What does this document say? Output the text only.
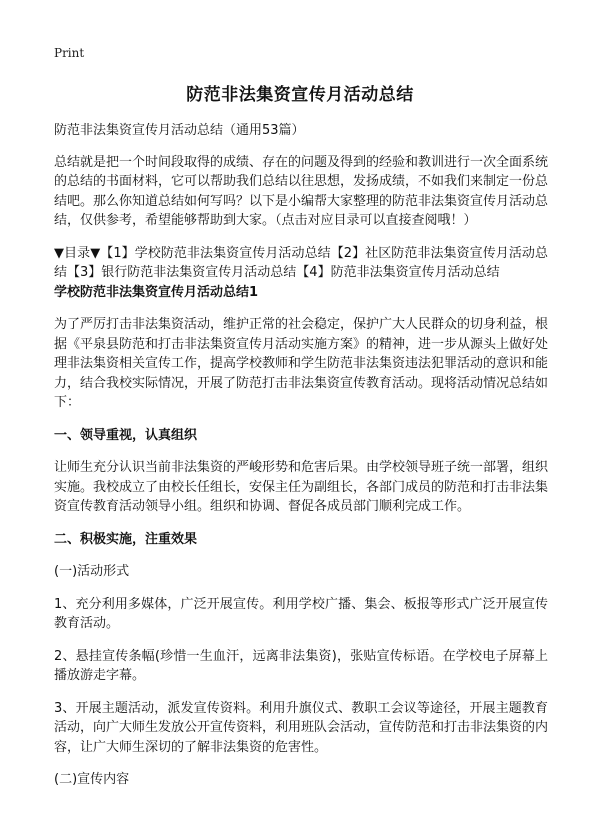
Print
防范非法集资宣传月活动总结

防范非法集资宣传月活动总结（通用53篇）

总结就是把一个时间段取得的成绩、存在的问题及得到的经验和教训进行一次全面系统的总结的书面材料，它可以帮助我们总结以往思想，发扬成绩，不如我们来制定一份总结吧。那么你知道总结如何写吗？以下是小编帮大家整理的防范非法集资宣传月活动总结，仅供参考，希望能够帮助到大家。（点击对应目录可以直接查阅哦！）

▼目录▼【1】学校防范非法集资宣传月活动总结【2】社区防范非法集资宣传月活动总结【3】银行防范非法集资宣传月活动总结【4】防范非法集资宣传月活动总结

学校防范非法集资宣传月活动总结1

为了严厉打击非法集资活动，维护正常的社会稳定，保护广大人民群众的切身利益，根据《平泉县防范和打击非法集资宣传月活动实施方案》的精神，进一步从源头上做好处理非法集资相关宣传工作，提高学校教师和学生防范非法集资违法犯罪活动的意识和能力，结合我校实际情况，开展了防范打击非法集资宣传教育活动。现将活动情况总结如下：

一、领导重视，认真组织

让师生充分认识当前非法集资的严峻形势和危害后果。由学校领导班子统一部署，组织实施。我校成立了由校长任组长，安保主任为副组长，各部门成员的防范和打击非法集资宣传教育活动领导小组。组织和协调、督促各成员部门顺利完成工作。

二、积极实施，注重效果

(一)活动形式

1、充分利用多媒体，广泛开展宣传。利用学校广播、集会、板报等形式广泛开展宣传教育活动。

2、悬挂宣传条幅(珍惜一生血汗，远离非法集资)，张贴宣传标语。在学校电子屏幕上播放游走字幕。

3、开展主题活动，派发宣传资料。利用升旗仪式、教职工会议等途径，开展主题教育活动，向广大师生发放公开宣传资料，利用班队会活动，宣传防范和打击非法集资的内容，让广大师生深切的了解非法集资的危害性。

(二)宣传内容
